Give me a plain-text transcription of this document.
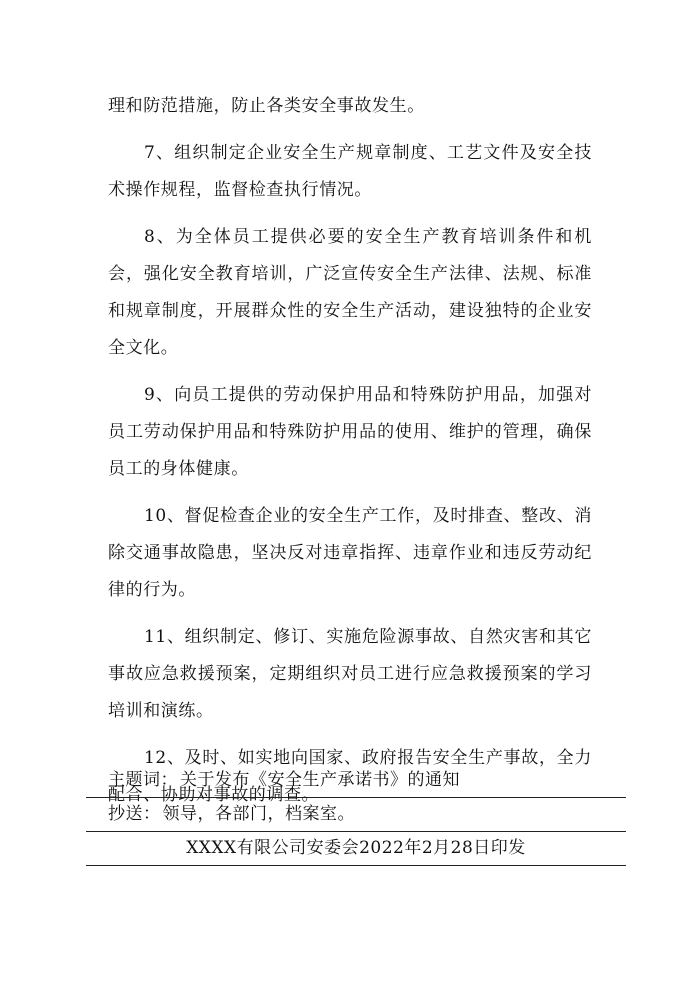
理和防范措施，防止各类安全事故发生。

7、组织制定企业安全生产规章制度、工艺文件及安全技术操作规程，监督检查执行情况。

8、为全体员工提供必要的安全生产教育培训条件和机会，强化安全教育培训，广泛宣传安全生产法律、法规、标准和规章制度，开展群众性的安全生产活动，建设独特的企业安全文化。

9、向员工提供的劳动保护用品和特殊防护用品，加强对员工劳动保护用品和特殊防护用品的使用、维护的管理，确保员工的身体健康。

10、督促检查企业的安全生产工作，及时排查、整改、消除交通事故隐患，坚决反对违章指挥、违章作业和违反劳动纪律的行为。

11、组织制定、修订、实施危险源事故、自然灾害和其它事故应急救援预案，定期组织对员工进行应急救援预案的学习培训和演练。

12、及时、如实地向国家、政府报告安全生产事故，全力配合、协助对事故的调查。

主题词： 关于发布《安全生产承诺书》的通知
抄送： 领导，各部门，档案室。
XXXX有限公司安委会2022年2月28日印发
